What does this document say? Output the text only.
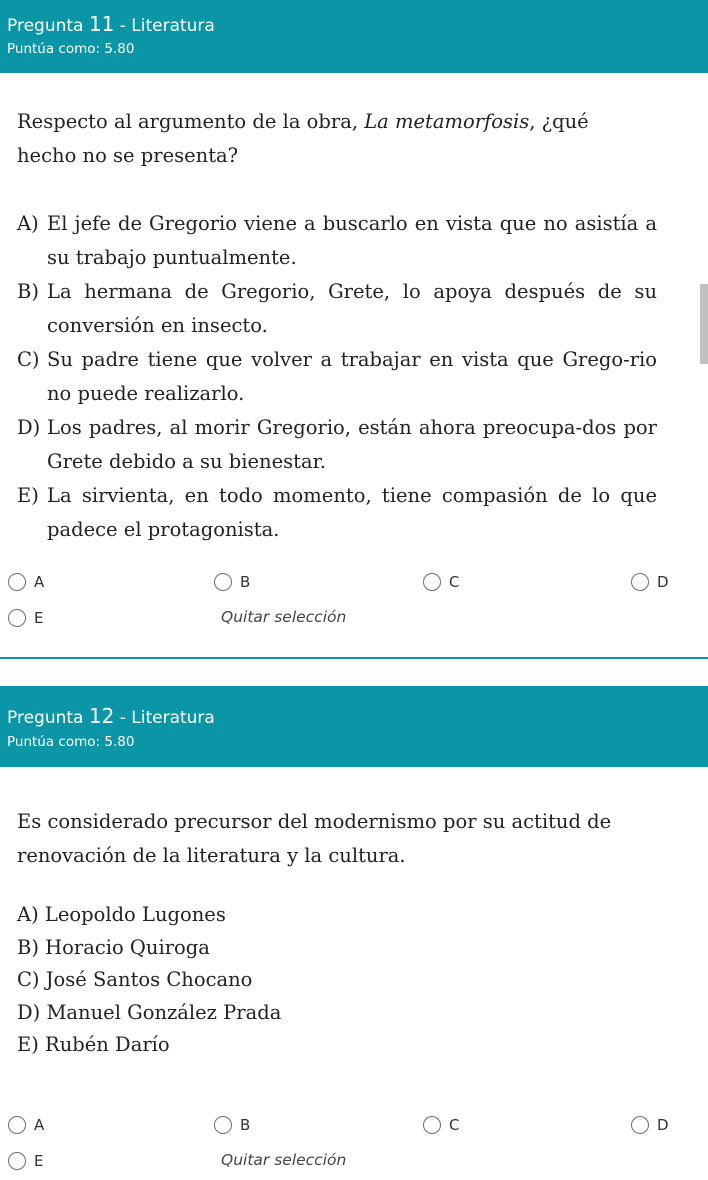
Pregunta 11 - Literatura
Puntúa como: 5.80

Respecto al argumento de la obra, La metamorfosis, ¿qué hecho no se presenta?

A) El jefe de Gregorio viene a buscarlo en vista que no asistía a su trabajo puntualmente.
B) La hermana de Gregorio, Grete, lo apoya después de su conversión en insecto.
C) Su padre tiene que volver a trabajar en vista que Grego-rio no puede realizarlo.
D) Los padres, al morir Gregorio, están ahora preocupa-dos por Grete debido a su bienestar.
E) La sirvienta, en todo momento, tiene compasión de lo que padece el protagonista.
A	B	C	D
E	Quitar selección
Pregunta 12 - Literatura
Puntúa como: 5.80

Es considerado precursor del modernismo por su actitud de renovación de la literatura y la cultura.

A) Leopoldo Lugones
B) Horacio Quiroga
C) José Santos Chocano
D) Manuel González Prada
E) Rubén Darío
A	B	C	D
E	Quitar selección
